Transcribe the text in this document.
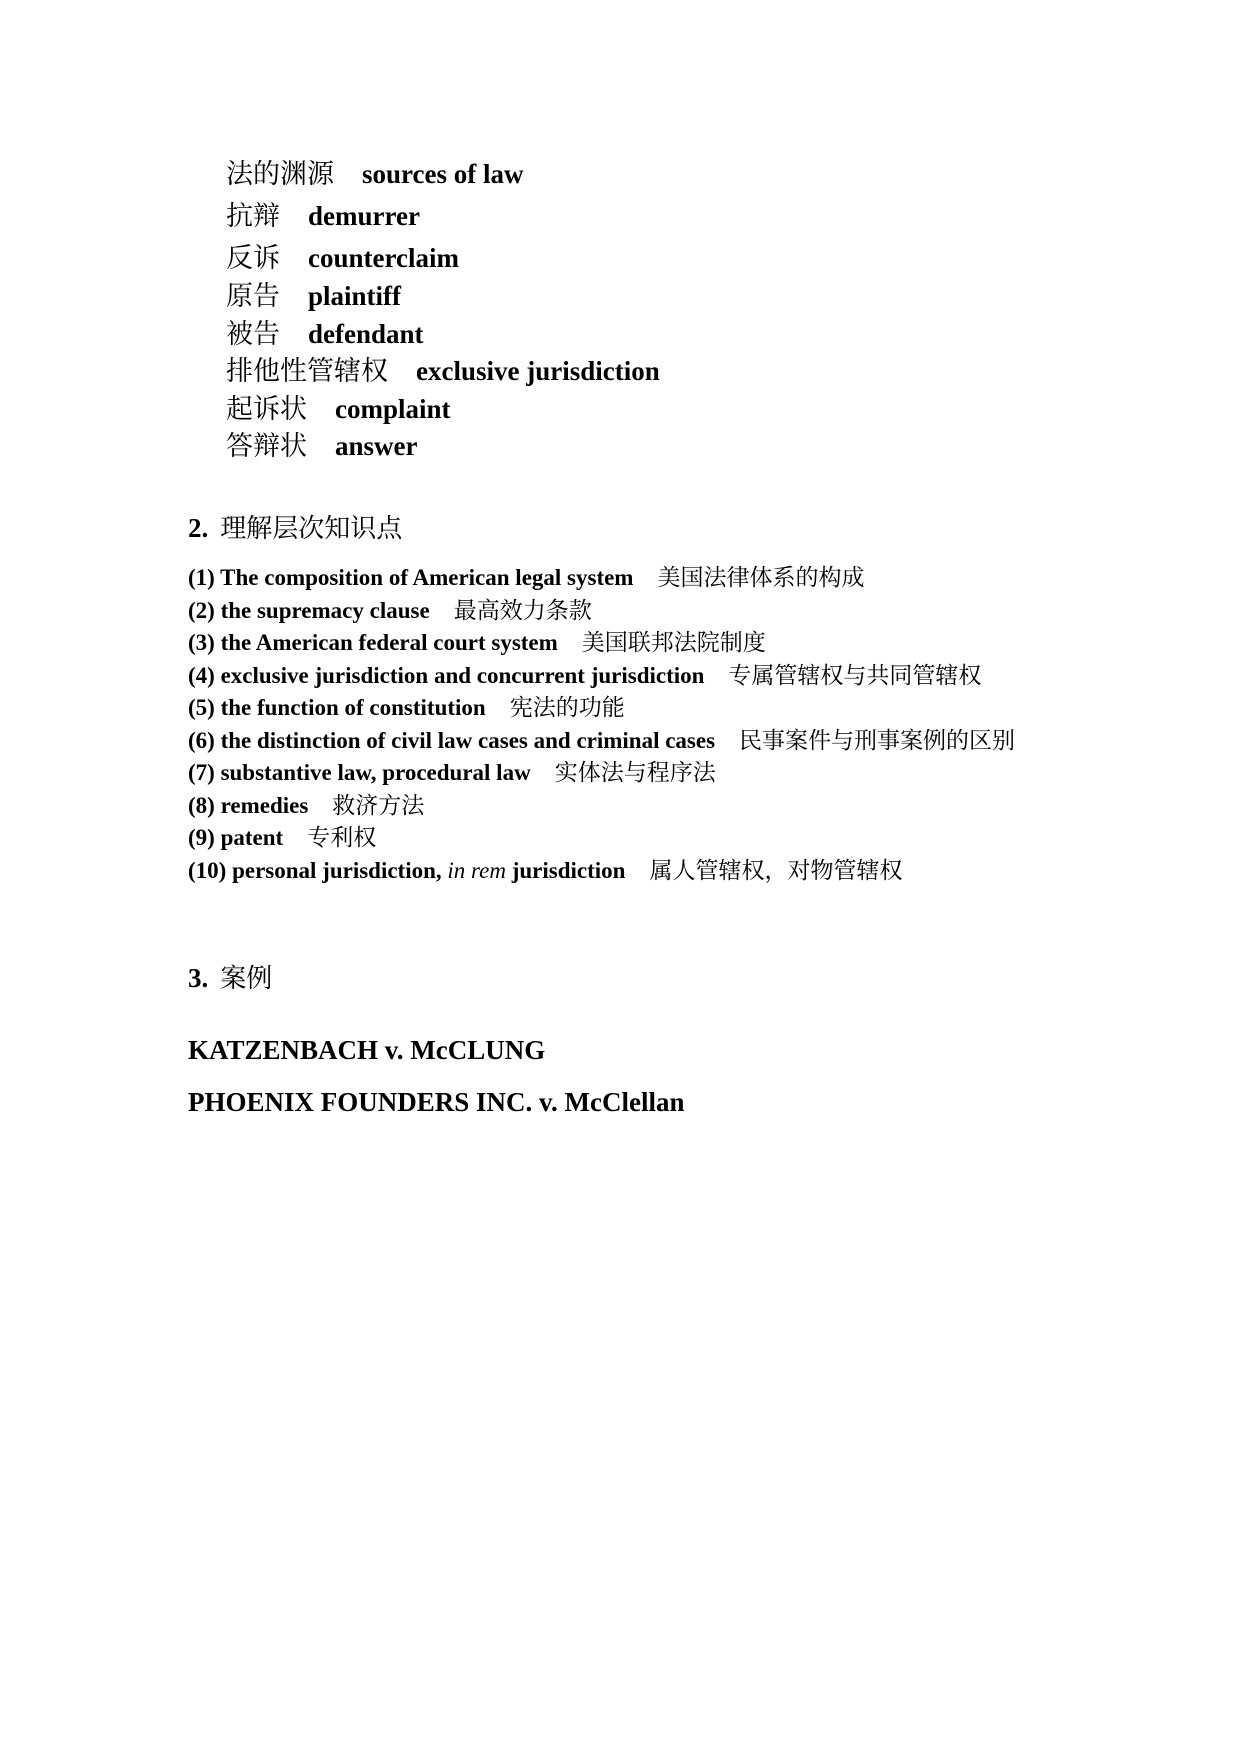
法的渊源 sources of law
抗辩 demurrer
反诉 counterclaim
原告 plaintiff
被告 defendant
排他性管辖权 exclusive jurisdiction
起诉状 complaint
答辩状 answer
2. 理解层次知识点
(1) The composition of American legal system 美国法律体系的构成
(2) the supremacy clause 最高效力条款
(3) the American federal court system 美国联邦法院制度
(4) exclusive jurisdiction and concurrent jurisdiction 专属管辖权与共同管辖权
(5) the function of constitution 宪法的功能
(6) the distinction of civil law cases and criminal cases 民事案件与刑事案例的区别
(7) substantive law, procedural law 实体法与程序法
(8) remedies 救济方法
(9) patent 专利权
(10) personal jurisdiction, in rem jurisdiction 属人管辖权，对物管辖权
3. 案例
KATZENBACH v. McCLUNG
PHOENIX FOUNDERS INC. v. McClellan
